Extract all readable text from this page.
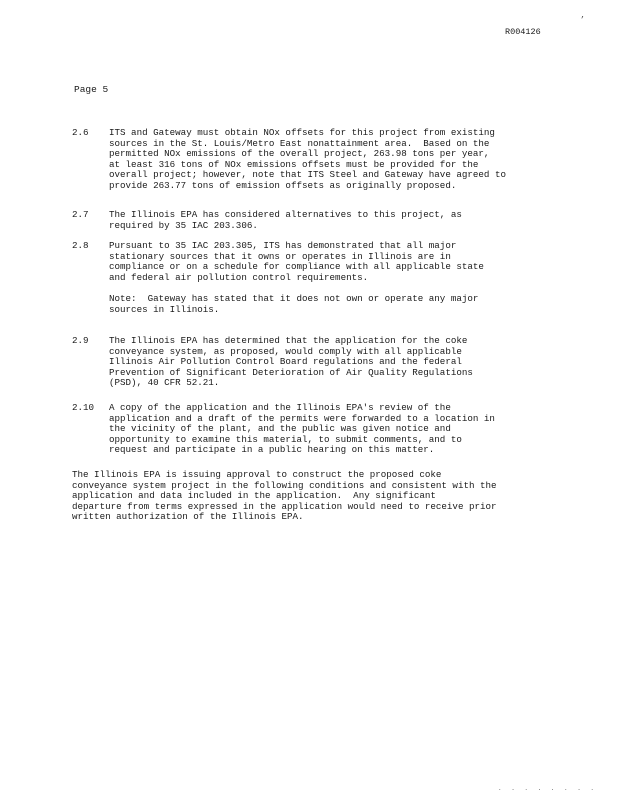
’
R004126
Page 5
2.6	ITS and Gateway must obtain NOx offsets for this project from existing
sources in the St. Louis/Metro East nonattainment area.  Based on the
permitted NOx emissions of the overall project, 263.98 tons per year,
at least 316 tons of NOx emissions offsets must be provided for the
overall project; however, note that ITS Steel and Gateway have agreed to
provide 263.77 tons of emission offsets as originally proposed.
2.7	The Illinois EPA has considered alternatives to this project, as
required by 35 IAC 203.306.
2.8	Pursuant to 35 IAC 203.305, ITS has demonstrated that all major
stationary sources that it owns or operates in Illinois are in
compliance or on a schedule for compliance with all applicable state
and federal air pollution control requirements.
Note:  Gateway has stated that it does not own or operate any major
sources in Illinois.
2.9	The Illinois EPA has determined that the application for the coke
conveyance system, as proposed, would comply with all applicable
Illinois Air Pollution Control Board regulations and the federal
Prevention of Significant Deterioration of Air Quality Regulations
(PSD), 40 CFR 52.21.
2.10	A copy of the application and the Illinois EPA's review of the
application and a draft of the permits were forwarded to a location in
the vicinity of the plant, and the public was given notice and
opportunity to examine this material, to submit comments, and to
request and participate in a public hearing on this matter.
The Illinois EPA is issuing approval to construct the proposed coke
conveyance system project in the following conditions and consistent with the
application and data included in the application.  Any significant
departure from terms expressed in the application would need to receive prior
written authorization of the Illinois EPA.
. . . . . . . .
